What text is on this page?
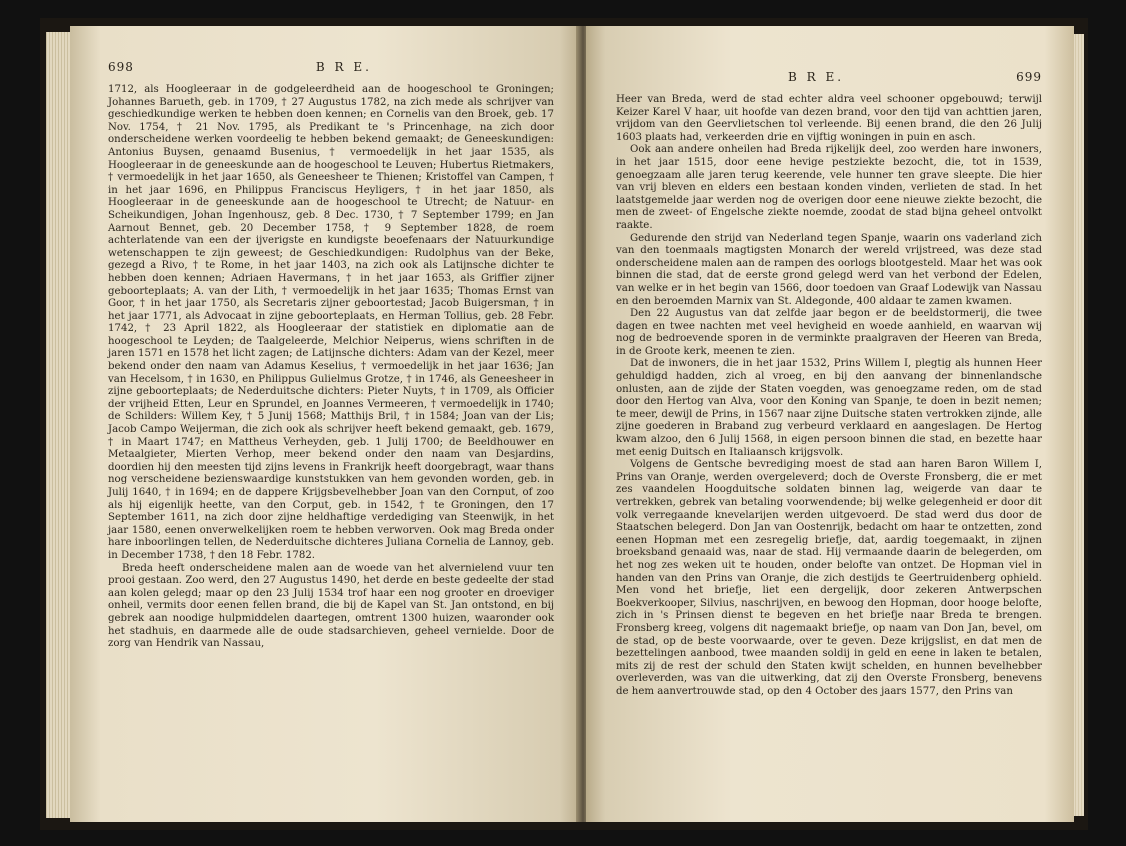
698	B R E.

1712, als Hoogleeraar in de godgeleerdheid aan de hoogeschool te Groningen; Johannes Barueth, geb. in 1709, † 27 Augustus 1782, na zich mede als schrijver van geschiedkundige werken te hebben doen kennen; en Cornelis van den Broek, geb. 17 Nov. 1754, † 21 Nov. 1795, als Predikant te 's Princenhage, na zich door onderscheidene werken voordeelig te hebben bekend gemaakt; de Geneeskundigen: Antonius Buysen, genaamd Busenius, † vermoedelijk in het jaar 1535, als Hoogleeraar in de geneeskunde aan de hoogeschool te Leuven; Hubertus Rietmakers, † vermoedelijk in het jaar 1650, als Geneesheer te Thienen; Kristoffel van Campen, † in het jaar 1696, en Philippus Franciscus Heyligers, † in het jaar 1850, als Hoogleeraar in de geneeskunde aan de hoogeschool te Utrecht; de Natuur- en Scheikundigen, Johan Ingenhousz, geb. 8 Dec. 1730, † 7 September 1799; en Jan Aarnout Bennet, geb. 20 December 1758, † 9 September 1828, de roem achterlatende van een der ijverigste en kundigste beoefenaars der Natuurkundige wetenschappen te zijn geweest; de Geschiedkundigen: Rudolphus van der Beke, gezegd a Rivo, † te Rome, in het jaar 1403, na zich ook als Latijnsche dichter te hebben doen kennen; Adriaen Havermans, † in het jaar 1653, als Griffier zijner geboorteplaats; A. van der Lith, † vermoedelijk in het jaar 1635; Thomas Ernst van Goor, † in het jaar 1750, als Secretaris zijner geboortestad; Jacob Buigersman, † in het jaar 1771, als Advocaat in zijne geboorteplaats, en Herman Tollius, geb. 28 Febr. 1742, † 23 April 1822, als Hoogleeraar der statistiek en diplomatie aan de hoogeschool te Leyden; de Taalgeleerde, Melchior Neiperus, wiens schriften in de jaren 1571 en 1578 het licht zagen; de Latijnsche dichters: Adam van der Kezel, meer bekend onder den naam van Adamus Keselius, † vermoedelijk in het jaar 1636; Jan van Hecelsom, † in 1630, en Philippus Gulielmus Grotze, † in 1746, als Geneesheer in zijne geboorteplaats; de Nederduitsche dichters: Pieter Nuyts, † in 1709, als Officier der vrijheid Etten, Leur en Sprundel, en Joannes Vermeeren, † vermoedelijk in 1740; de Schilders: Willem Key, † 5 Junij 1568; Matthijs Bril, † in 1584; Joan van der Lis; Jacob Campo Weijerman, die zich ook als schrijver heeft bekend gemaakt, geb. 1679, † in Maart 1747; en Mattheus Verheyden, geb. 1 Julij 1700; de Beeldhouwer en Metaalgieter, Mierten Verhop, meer bekend onder den naam van Desjardins, doordien hij den meesten tijd zijns levens in Frankrijk heeft doorgebragt, waar thans nog verscheidene bezienswaardige kunststukken van hem gevonden worden, geb. in Julij 1640, † in 1694; en de dappere Krijgsbevelhebber Joan van den Cornput, of zoo als hij eigenlijk heette, van den Corput, geb. in 1542, † te Groningen, den 17 September 1611, na zich door zijne heldhaftige verdediging van Steenwijk, in het jaar 1580, eenen onverwelkelijken roem te hebben verworven. Ook mag Breda onder hare inboorlingen tellen, de Nederduitsche dichteres Juliana Cornelia de Lannoy, geb. in December 1738, † den 18 Febr. 1782.

Breda heeft onderscheidene malen aan de woede van het alvernielend vuur ten prooi gestaan. Zoo werd, den 27 Augustus 1490, het derde en beste gedeelte der stad aan kolen gelegd; maar op den 23 Julij 1534 trof haar een nog grooter en droeviger onheil, vermits door eenen fellen brand, die bij de Kapel van St. Jan ontstond, en bij gebrek aan noodige hulpmiddelen daartegen, omtrent 1300 huizen, waaronder ook het stadhuis, en daarmede alle de oude stadsarchieven, geheel vernielde. Door de zorg van Hendrik van Nassau,

B R E.	699

Heer van Breda, werd de stad echter aldra veel schooner opgebouwd; terwijl Keizer Karel V haar, uit hoofde van dezen brand, voor den tijd van achttien jaren, vrijdom van den Geervlietschen tol verleende. Bij eenen brand, die den 26 Julij 1603 plaats had, verkeerden drie en vijftig woningen in puin en asch.

Ook aan andere onheilen had Breda rijkelijk deel, zoo werden hare inwoners, in het jaar 1515, door eene hevige pestziekte bezocht, die, tot in 1539, genoegzaam alle jaren terug keerende, vele hunner ten grave sleepte. Die hier van vrij bleven en elders een bestaan konden vinden, verlieten de stad. In het laatstgemelde jaar werden nog de overigen door eene nieuwe ziekte bezocht, die men de zweet- of Engelsche ziekte noemde, zoodat de stad bijna geheel ontvolkt raakte.

Gedurende den strijd van Nederland tegen Spanje, waarin ons vaderland zich van den toenmaals magtigsten Monarch der wereld vrijstreed, was deze stad onderscheidene malen aan de rampen des oorlogs blootgesteld. Maar het was ook binnen die stad, dat de eerste grond gelegd werd van het verbond der Edelen, van welke er in het begin van 1566, door toedoen van Graaf Lodewijk van Nassau en den beroemden Marnix van St. Aldegonde, 400 aldaar te zamen kwamen.

Den 22 Augustus van dat zelfde jaar begon er de beeldstormerij, die twee dagen en twee nachten met veel hevigheid en woede aanhield, en waarvan wij nog de bedroevende sporen in de verminkte praalgraven der Heeren van Breda, in de Groote kerk, meenen te zien.

Dat de inwoners, die in het jaar 1532, Prins Willem I, plegtig als hunnen Heer gehuldigd hadden, zich al vroeg, en bij den aanvang der binnenlandsche onlusten, aan de zijde der Staten voegden, was genoegzame reden, om de stad door den Hertog van Alva, voor den Koning van Spanje, te doen in bezit nemen; te meer, dewijl de Prins, in 1567 naar zijne Duitsche staten vertrokken zijnde, alle zijne goederen in Braband zug verbeurd verklaard en aangeslagen. De Hertog kwam alzoo, den 6 Julij 1568, in eigen persoon binnen die stad, en bezette haar met eenig Duitsch en Italiaansch krijgsvolk.

Volgens de Gentsche bevrediging moest de stad aan haren Baron Willem I, Prins van Oranje, werden overgeleverd; doch de Overste Fronsberg, die er met zes vaandelen Hoogduitsche soldaten binnen lag, weigerde van daar te vertrekken, gebrek van betaling voorwendende; bij welke gelegenheid er door dit volk verregaande knevelarijen werden uitgevoerd. De stad werd dus door de Staatschen belegerd. Don Jan van Oostenrijk, bedacht om haar te ontzetten, zond eenen Hopman met een zesregelig briefje, dat, aardig toegemaakt, in zijnen broeksband genaaid was, naar de stad. Hij vermaande daarin de belegerden, om het nog zes weken uit te houden, onder belofte van ontzet. De Hopman viel in handen van den Prins van Oranje, die zich destijds te Geertruidenberg ophield. Men vond het briefje, liet een dergelijk, door zekeren Antwerpschen Boekverkooper, Silvius, naschrijven, en bewoog den Hopman, door hooge belofte, zich in 's Prinsen dienst te begeven en het briefje naar Breda te brengen. Fronsberg kreeg, volgens dit nagemaakt briefje, op naam van Don Jan, bevel, om de stad, op de beste voorwaarde, over te geven. Deze krijgslist, en dat men de bezettelingen aanbood, twee maanden soldij in geld en eene in laken te betalen, mits zij de rest der schuld den Staten kwijt schelden, en hunnen bevelhebber overleverden, was van die uitwerking, dat zij den Overste Fronsberg, benevens de hem aanvertrouwde stad, op den 4 October des jaars 1577, den Prins van
